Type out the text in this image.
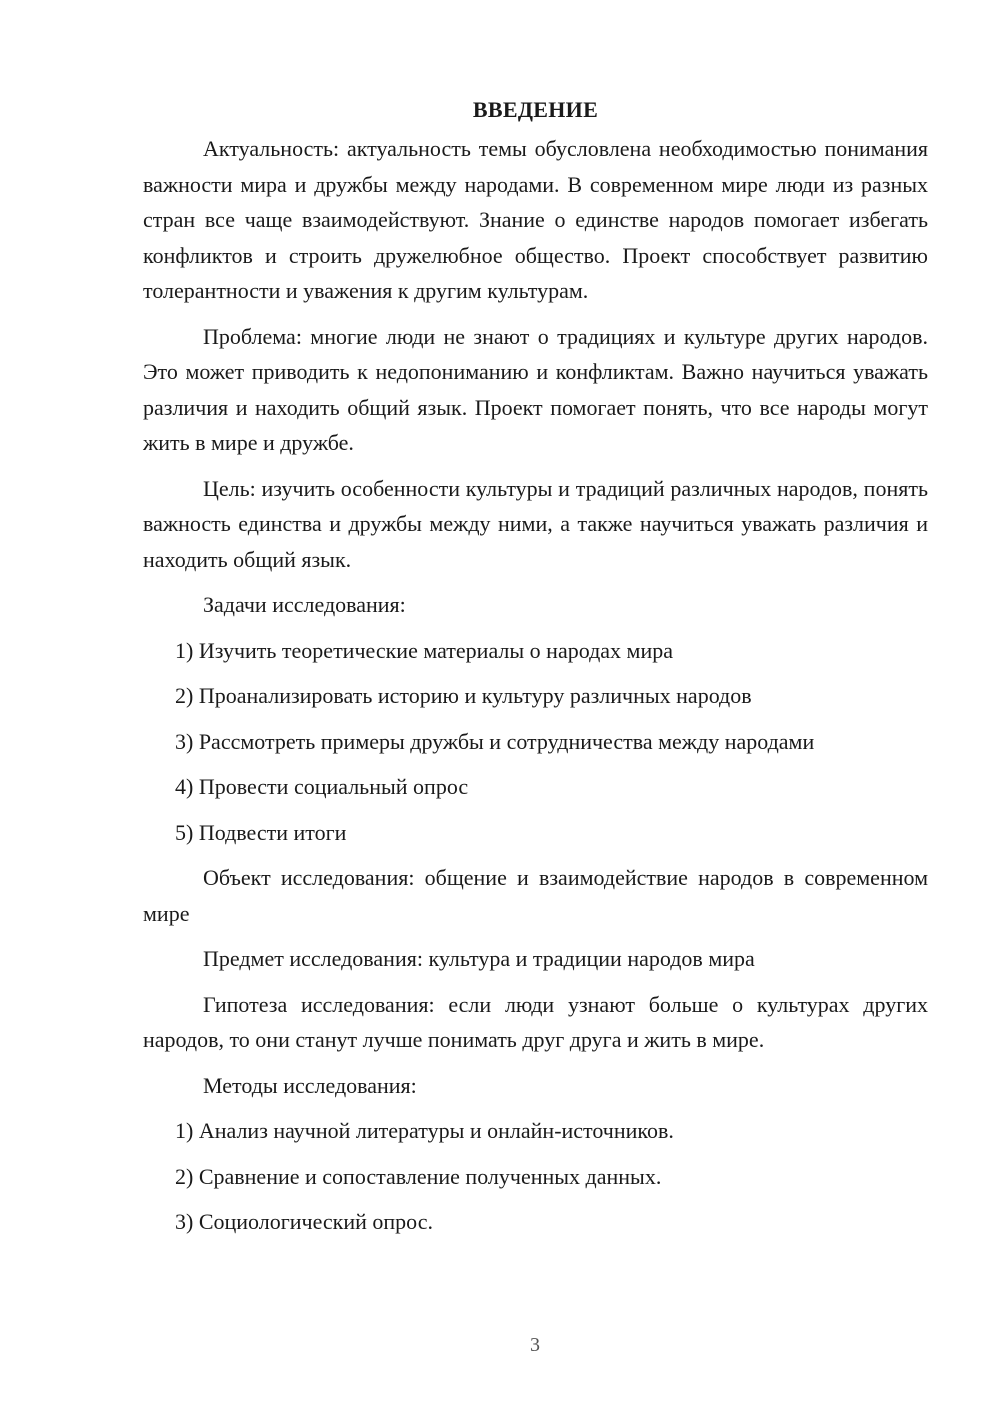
ВВЕДЕНИЕ

Актуальность: актуальность темы обусловлена необходимостью понимания важности мира и дружбы между народами. В современном мире люди из разных стран все чаще взаимодействуют. Знание о единстве народов помогает избегать конфликтов и строить дружелюбное общество. Проект способствует развитию толерантности и уважения к другим культурам.

Проблема: многие люди не знают о традициях и культуре других народов. Это может приводить к недопониманию и конфликтам. Важно научиться уважать различия и находить общий язык. Проект помогает понять, что все народы могут жить в мире и дружбе.

Цель: изучить особенности культуры и традиций различных народов, понять важность единства и дружбы между ними, а также научиться уважать различия и находить общий язык.

Задачи исследования:

1) Изучить теоретические материалы о народах мира

2) Проанализировать историю и культуру различных народов

3) Рассмотреть примеры дружбы и сотрудничества между народами

4) Провести социальный опрос

5) Подвести итоги

Объект исследования: общение и взаимодействие народов в современном мире

Предмет исследования: культура и традиции народов мира

Гипотеза исследования: если люди узнают больше о культурах других народов, то они станут лучше понимать друг друга и жить в мире.

Методы исследования:

1) Анализ научной литературы и онлайн-источников.

2) Сравнение и сопоставление полученных данных.

3) Социологический опрос.

3
